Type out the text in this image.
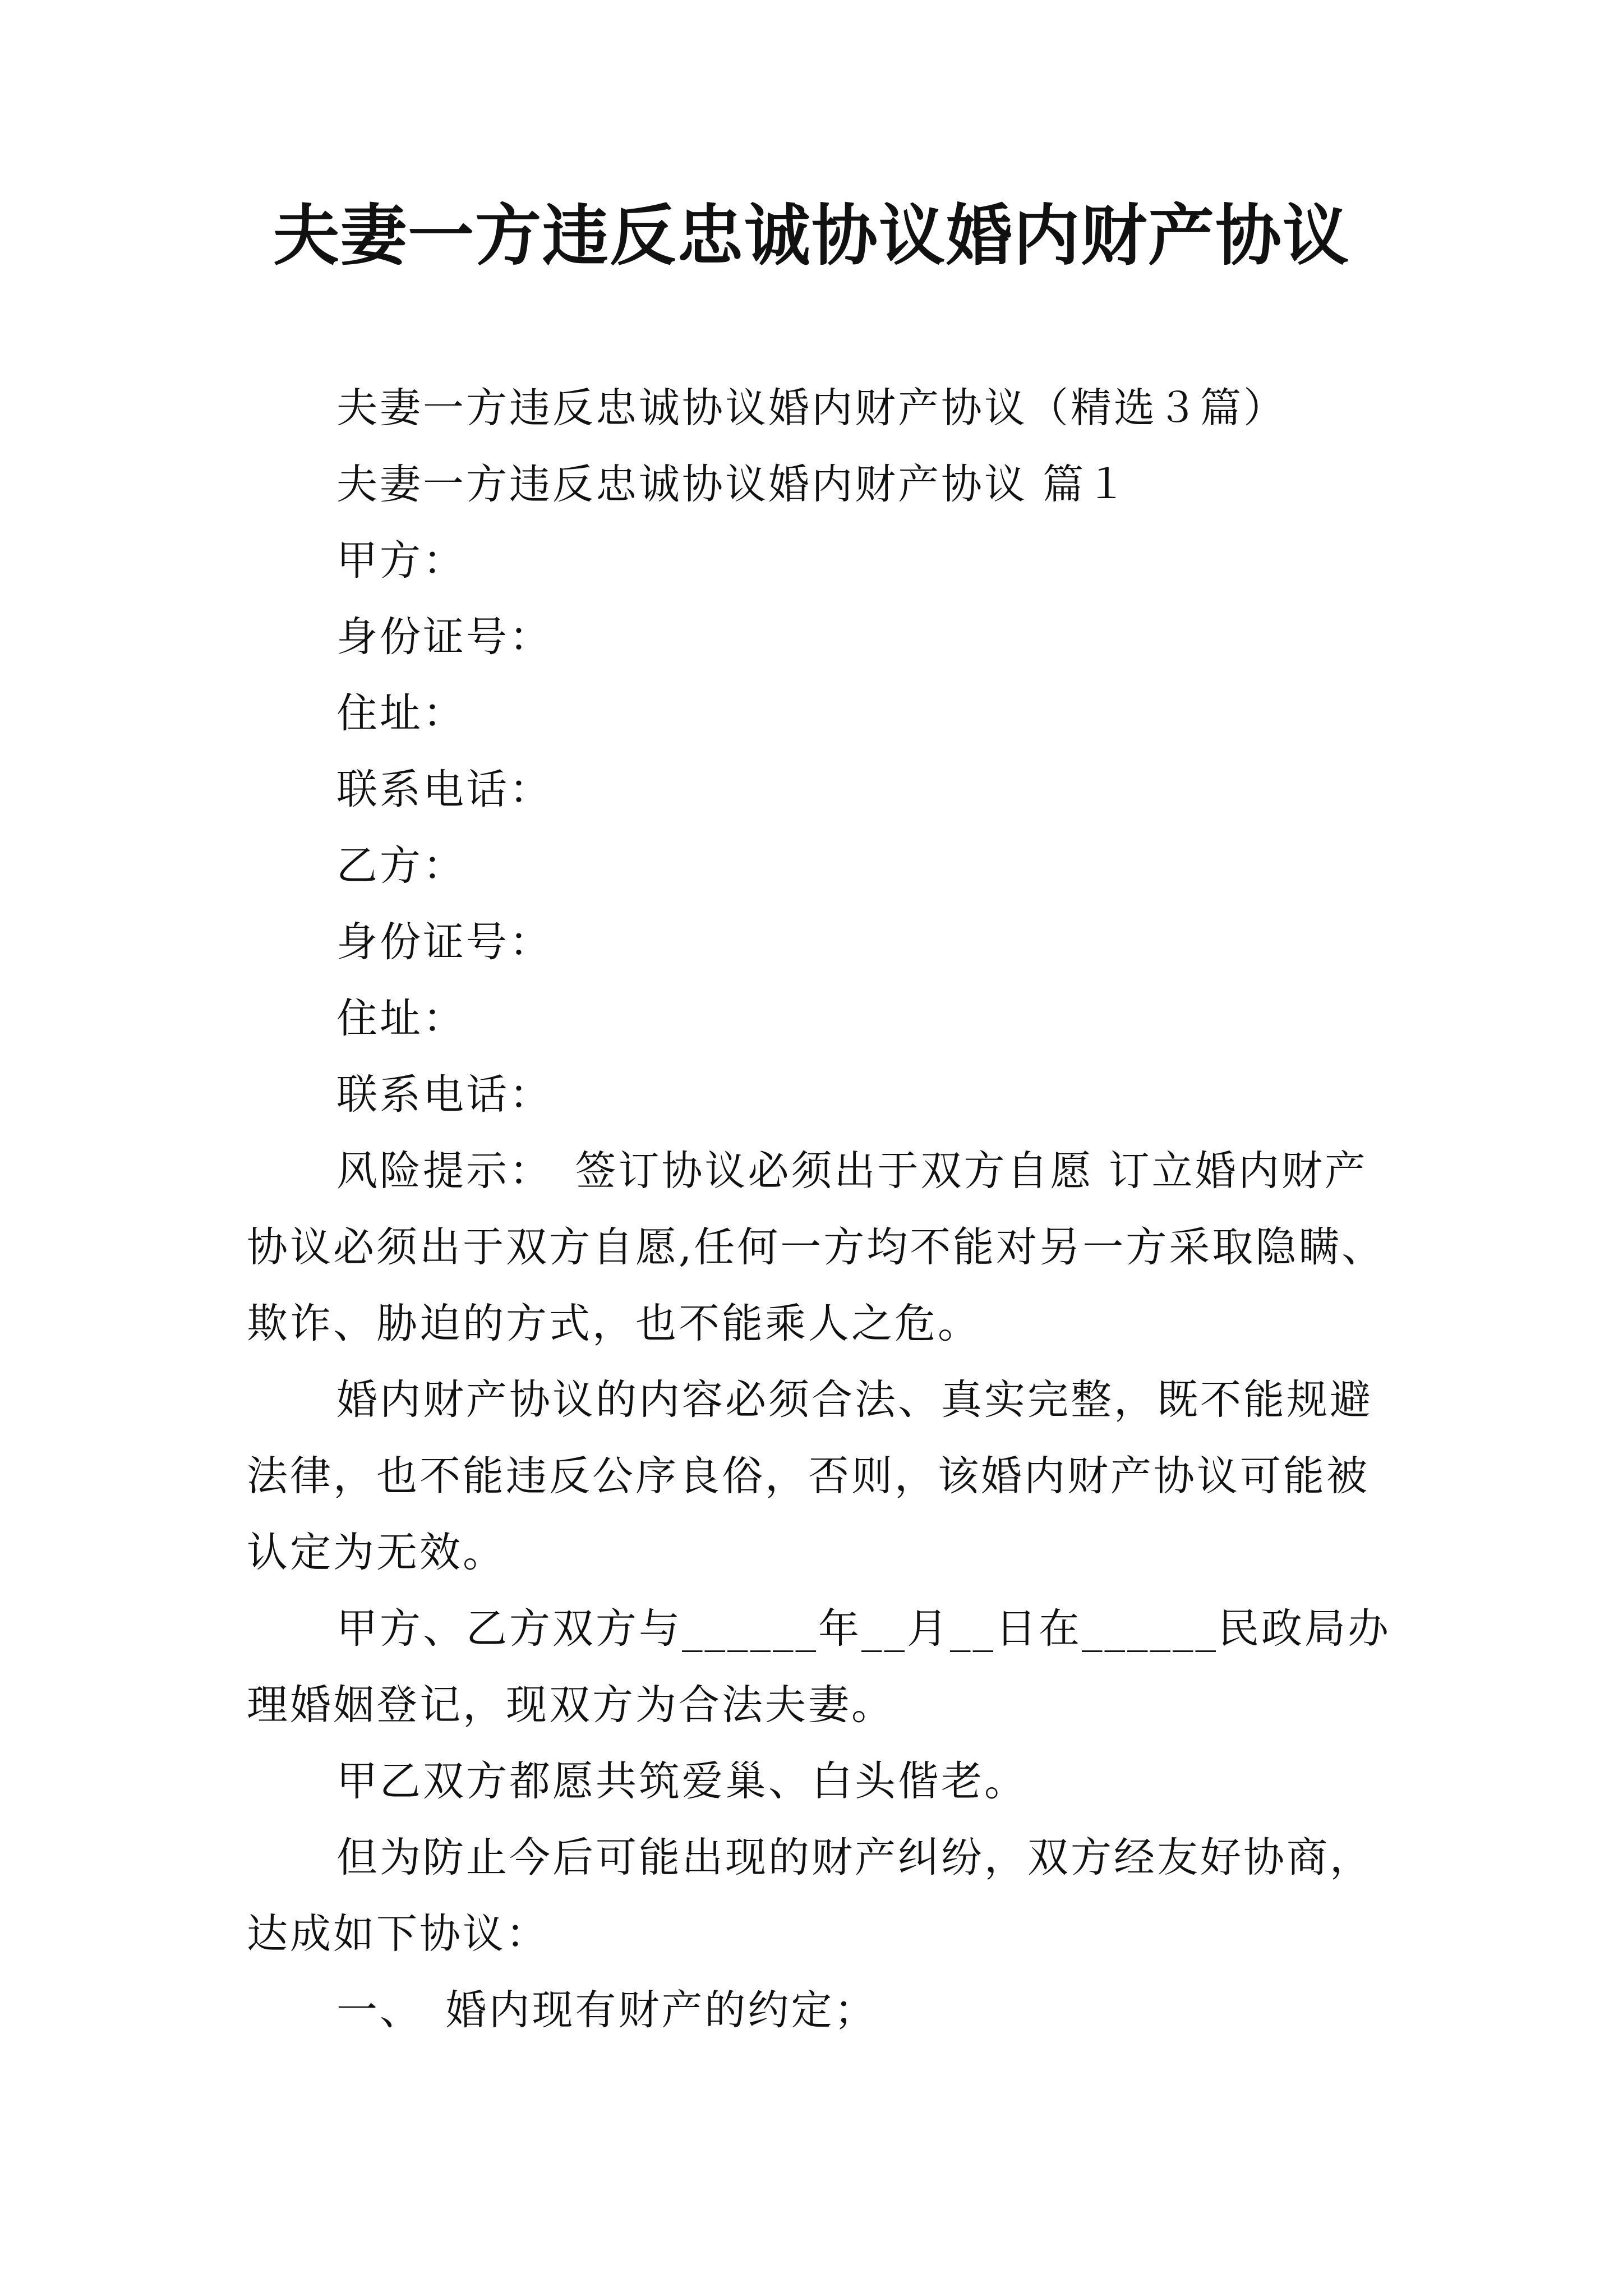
夫妻一方违反忠诚协议婚内财产协议
夫妻一方违反忠诚协议婚内财产协议（精选３篇）
夫妻一方违反忠诚协议婚内财产协议 篇１
甲方：
身份证号：
住址：
联系电话：
乙方：
身份证号：
住址：
联系电话：
风险提示：　签订协议必须出于双方自愿 订立婚内财产
协议必须出于双方自愿,任何一方均不能对另一方采取隐瞒、
欺诈、胁迫的方式，也不能乘人之危。
婚内财产协议的内容必须合法、真实完整，既不能规避
法律，也不能违反公序良俗，否则，该婚内财产协议可能被
认定为无效。
甲方、乙方双方与______年__月__日在______民政局办
理婚姻登记，现双方为合法夫妻。
甲乙双方都愿共筑爱巢、白头偕老。
但为防止今后可能出现的财产纠纷，双方经友好协商，
达成如下协议：
一、　婚内现有财产的约定；
